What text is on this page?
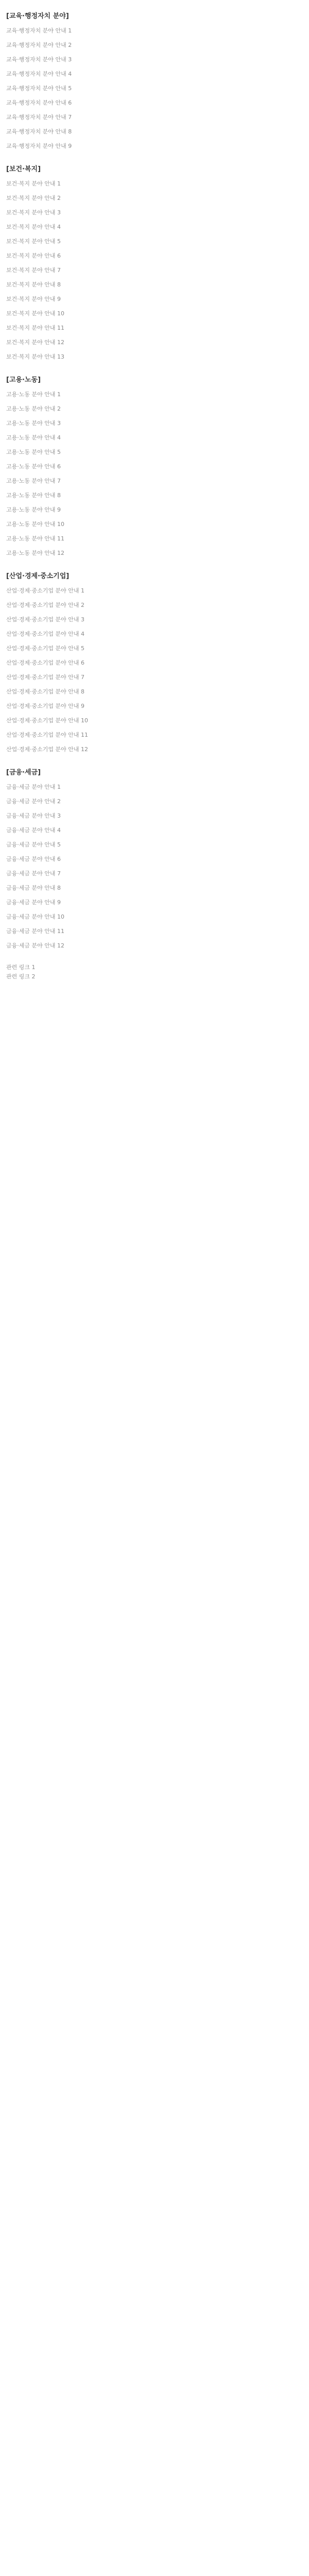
[교육·행정자치 분야]
교육·행정자치 분야 안내 1
교육·행정자치 분야 안내 2
교육·행정자치 분야 안내 3
교육·행정자치 분야 안내 4
교육·행정자치 분야 안내 5
교육·행정자치 분야 안내 6
교육·행정자치 분야 안내 7
교육·행정자치 분야 안내 8
교육·행정자치 분야 안내 9
[보건·복지]
보건·복지 분야 안내 1
보건·복지 분야 안내 2
보건·복지 분야 안내 3
보건·복지 분야 안내 4
보건·복지 분야 안내 5
보건·복지 분야 안내 6
보건·복지 분야 안내 7
보건·복지 분야 안내 8
보건·복지 분야 안내 9
보건·복지 분야 안내 10
보건·복지 분야 안내 11
보건·복지 분야 안내 12
보건·복지 분야 안내 13
[고용·노동]
고용·노동 분야 안내 1
고용·노동 분야 안내 2
고용·노동 분야 안내 3
고용·노동 분야 안내 4
고용·노동 분야 안내 5
고용·노동 분야 안내 6
고용·노동 분야 안내 7
고용·노동 분야 안내 8
고용·노동 분야 안내 9
고용·노동 분야 안내 10
고용·노동 분야 안내 11
고용·노동 분야 안내 12
[산업·경제·중소기업]
산업·경제·중소기업 분야 안내 1
산업·경제·중소기업 분야 안내 2
산업·경제·중소기업 분야 안내 3
산업·경제·중소기업 분야 안내 4
산업·경제·중소기업 분야 안내 5
산업·경제·중소기업 분야 안내 6
산업·경제·중소기업 분야 안내 7
산업·경제·중소기업 분야 안내 8
산업·경제·중소기업 분야 안내 9
산업·경제·중소기업 분야 안내 10
산업·경제·중소기업 분야 안내 11
산업·경제·중소기업 분야 안내 12
[금융·세금]
금융·세금 분야 안내 1
금융·세금 분야 안내 2
금융·세금 분야 안내 3
금융·세금 분야 안내 4
금융·세금 분야 안내 5
금융·세금 분야 안내 6
금융·세금 분야 안내 7
금융·세금 분야 안내 8
금융·세금 분야 안내 9
금융·세금 분야 안내 10
금융·세금 분야 안내 11
금융·세금 분야 안내 12
관련 링크 1
관련 링크 2
